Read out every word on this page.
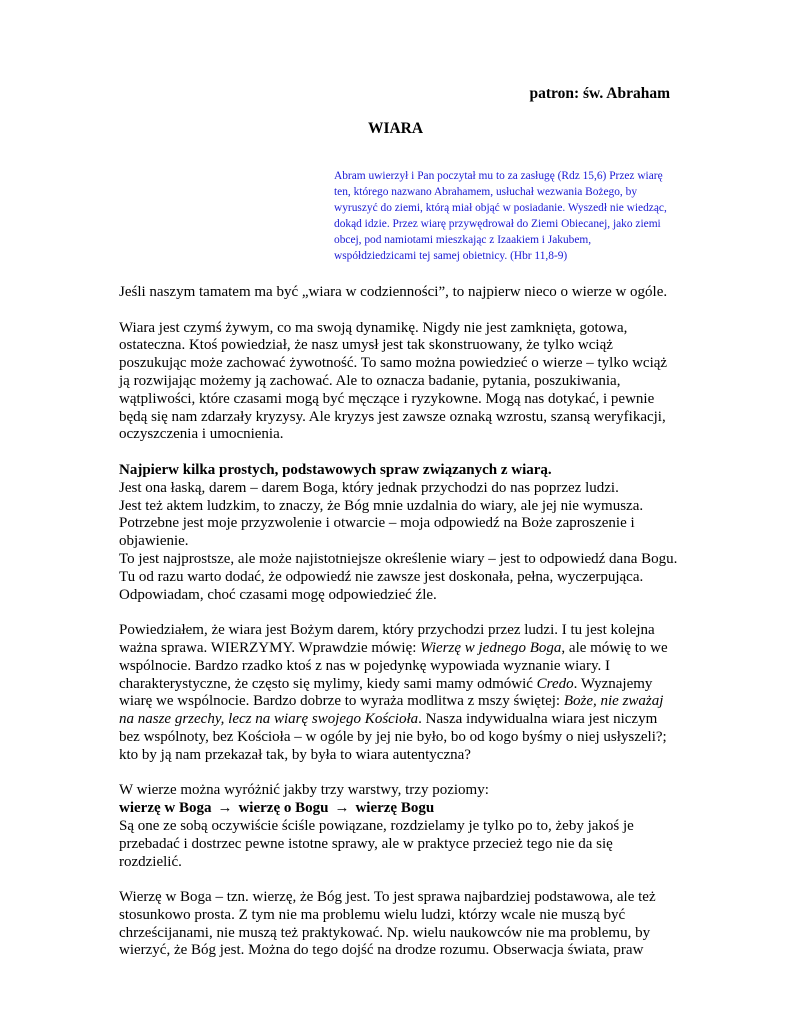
patron: św. Abraham
WIARA
Abram uwierzył i Pan poczytał mu to za zasługę (Rdz 15,6) Przez wiarę ten, którego nazwano Abrahamem, usłuchał wezwania Bożego, by wyruszyć do ziemi, którą miał objąć w posiadanie. Wyszedł nie wiedząc, dokąd idzie. Przez wiarę przywędrował do Ziemi Obiecanej, jako ziemi obcej, pod namiotami mieszkając z Izaakiem i Jakubem, współdziedzicami tej samej obietnicy. (Hbr 11,8-9)

Jeśli naszym tamatem ma być „wiara w codzienności”, to najpierw nieco o wierze w ogóle.

Wiara jest czymś żywym, co ma swoją dynamikę. Nigdy nie jest zamknięta, gotowa, ostateczna. Ktoś powiedział, że nasz umysł jest tak skonstruowany, że tylko wciąż poszukując może zachować żywotność. To samo można powiedzieć o wierze – tylko wciąż ją rozwijając możemy ją zachować. Ale to oznacza badanie, pytania, poszukiwania, wątpliwości, które czasami mogą być męczące i ryzykowne. Mogą nas dotykać, i pewnie będą się nam zdarzały kryzysy. Ale kryzys jest zawsze oznaką wzrostu, szansą weryfikacji, oczyszczenia i umocnienia.

Najpierw kilka prostych, podstawowych spraw związanych z wiarą.

Jest ona łaską, darem – darem Boga, który jednak przychodzi do nas poprzez ludzi.

Jest też aktem ludzkim, to znaczy, że Bóg mnie uzdalnia do wiary, ale jej nie wymusza.

Potrzebne jest moje przyzwolenie i otwarcie – moja odpowiedź na Boże zaproszenie i objawienie.

To jest najprostsze, ale może najistotniejsze określenie wiary – jest to odpowiedź dana Bogu. Tu od razu warto dodać, że odpowiedź nie zawsze jest doskonała, pełna, wyczerpująca. Odpowiadam, choć czasami mogę odpowiedzieć źle.

Powiedziałem, że wiara jest Bożym darem, który przychodzi przez ludzi. I tu jest kolejna ważna sprawa. WIERZYMY. Wprawdzie mówię: Wierzę w jednego Boga, ale mówię to we wspólnocie. Bardzo rzadko ktoś z nas w pojedynkę wypowiada wyznanie wiary. I charakterystyczne, że często się mylimy, kiedy sami mamy odmówić Credo. Wyznajemy wiarę we wspólnocie. Bardzo dobrze to wyraża modlitwa z mszy świętej: Boże, nie zważaj na nasze grzechy, lecz na wiarę swojego Kościoła. Nasza indywidualna wiara jest niczym bez wspólnoty, bez Kościoła – w ogóle by jej nie było, bo od kogo byśmy o niej usłyszeli?; kto by ją nam przekazał tak, by była to wiara autentyczna?

W wierze można wyróżnić jakby trzy warstwy, trzy poziomy:

wierzę w Boga → wierzę o Bogu → wierzę Bogu

Są one ze sobą oczywiście ściśle powiązane, rozdzielamy je tylko po to, żeby jakoś je przebadać i dostrzec pewne istotne sprawy, ale w praktyce przecież tego nie da się rozdzielić.

Wierzę w Boga – tzn. wierzę, że Bóg jest. To jest sprawa najbardziej podstawowa, ale też stosunkowo prosta. Z tym nie ma problemu wielu ludzi, którzy wcale nie muszą być chrześcijanami, nie muszą też praktykować. Np. wielu naukowców nie ma problemu, by wierzyć, że Bóg jest. Można do tego dojść na drodze rozumu. Obserwacja świata, praw
